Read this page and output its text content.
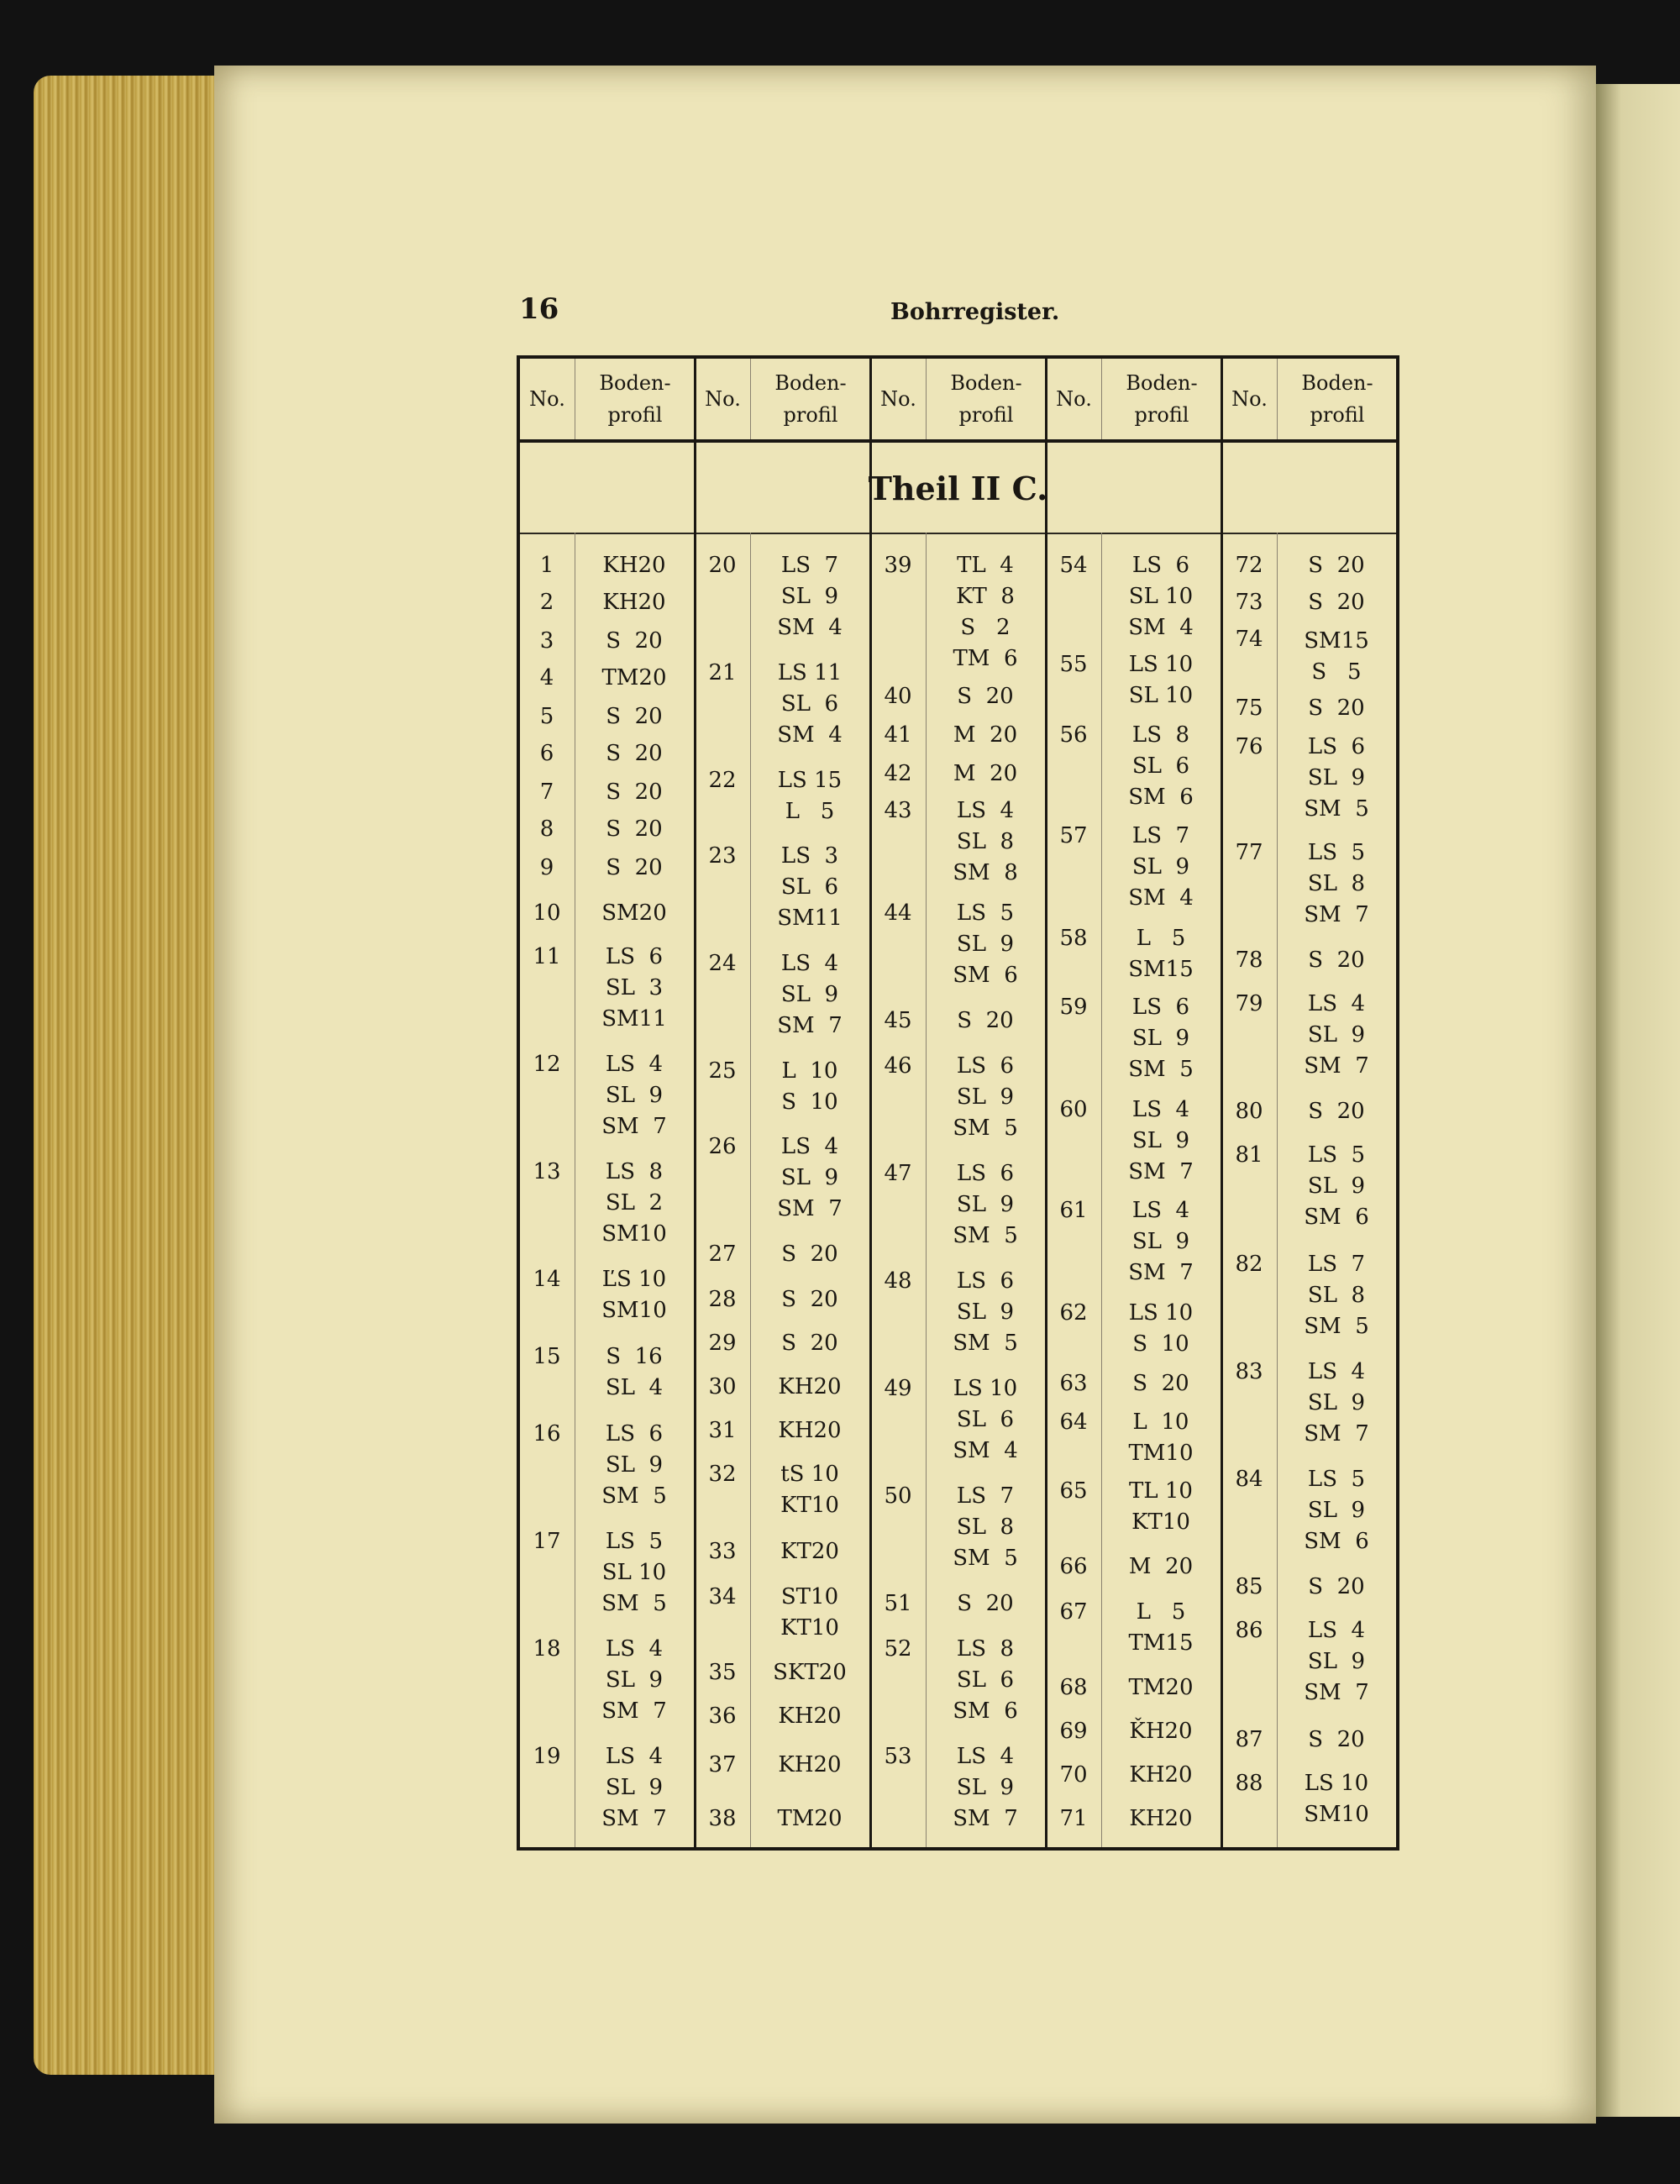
16	Bohrregister.
Theil II C.
No.
Boden-
profil
1	KH20
2	KH20
3	S  20
4	TM20
5	S  20
6	S  20
7	S  20
8	S  20
9	S  20
10	SM20
11	LS  6
SL  3
SM11
12	LS  4
SL  9
SM  7
13	LS  8
SL  2
SM10
14	ĽS 10
SM10
15	S  16
SL  4
16	LS  6
SL  9
SM  5
17	LS  5
SL 10
SM  5
18	LS  4
SL  9
SM  7
19	LS  4
SL  9
SM  7
No.
Boden-
profil
20	LS  7
SL  9
SM  4
21	LS 11
SL  6
SM  4
22	LS 15
L   5
23	LS  3
SL  6
SM11
24	LS  4
SL  9
SM  7
25	L  10
S  10
26	LS  4
SL  9
SM  7
27	S  20
28	S  20
29	S  20
30	KH20
31	KH20
32	tS 10
KT10
33	KT20
34	ST10
KT10
35	SKT20
36	KH20
37	KH20
38	TM20
No.
Boden-
profil
39	TL  4
KT  8
S   2
TM  6
40	S  20
41	M  20
42	M  20
43	LS  4
SL  8
SM  8
44	LS  5
SL  9
SM  6
45	S  20
46	LS  6
SL  9
SM  5
47	LS  6
SL  9
SM  5
48	LS  6
SL  9
SM  5
49	LS 10
SL  6
SM  4
50	LS  7
SL  8
SM  5
51	S  20
52	LS  8
SL  6
SM  6
53	LS  4
SL  9
SM  7
No.
Boden-
profil
54	LS  6
SL 10
SM  4
55	LS 10
SL 10
56	LS  8
SL  6
SM  6
57	LS  7
SL  9
SM  4
58	L   5
SM15
59	LS  6
SL  9
SM  5
60	LS  4
SL  9
SM  7
61	LS  4
SL  9
SM  7
62	LS 10
S  10
63	S  20
64	L  10
TM10
65	TL 10
KT10
66	M  20
67	L   5
TM15
68	TM20
69	ǨH20
70	KH20
71	KH20
No.
Boden-
profil
72	S  20
73	S  20
74	SM15
S   5
75	S  20
76	LS  6
SL  9
SM  5
77	LS  5
SL  8
SM  7
78	S  20
79	LS  4
SL  9
SM  7
80	S  20
81	LS  5
SL  9
SM  6
82	LS  7
SL  8
SM  5
83	LS  4
SL  9
SM  7
84	LS  5
SL  9
SM  6
85	S  20
86	LS  4
SL  9
SM  7
87	S  20
88	LS 10
SM10
